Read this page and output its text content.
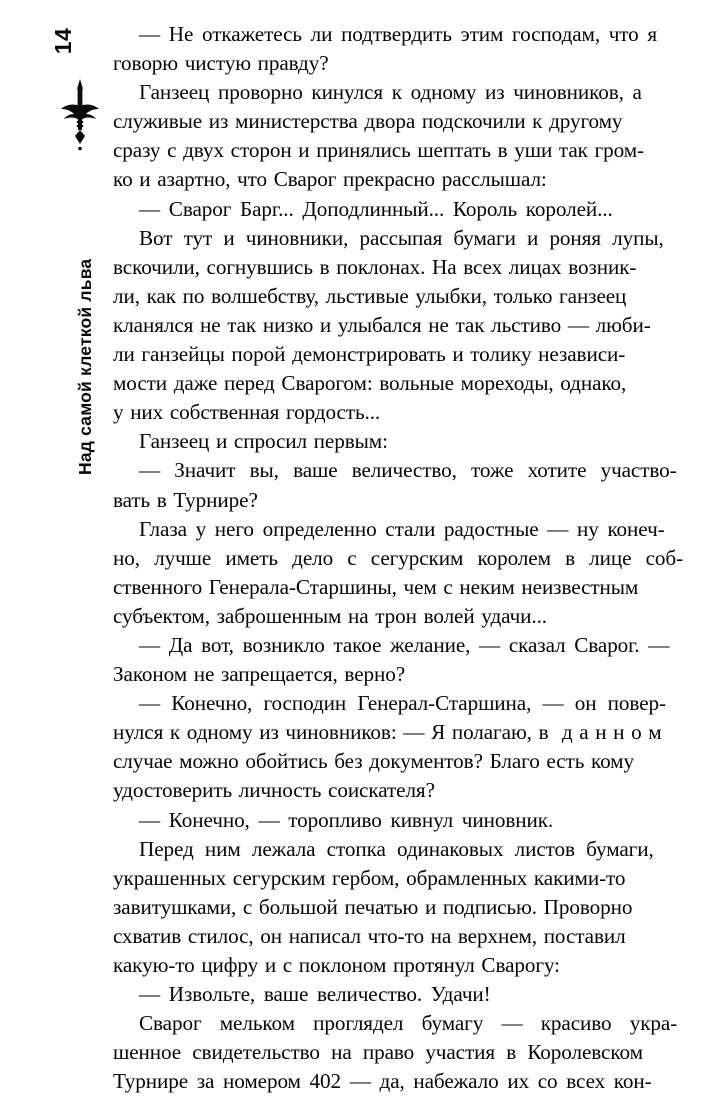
14
Над самой клеткой льва
— Не откажетесь ли подтвердить этим господам, что я
говорю чистую правду?
Ганзеец проворно кинулся к одному из чиновников, а
служивые из министерства двора подскочили к другому
сразу с двух сторон и принялись шептать в уши так гром-
ко и азартно, что Сварог прекрасно расслышал:
— Сварог Барг... Доподлинный... Король королей...
Вот тут и чиновники, рассыпая бумаги и роняя лупы,
вскочили, согнувшись в поклонах. На всех лицах возник-
ли, как по волшебству, льстивые улыбки, только ганзеец
кланялся не так низко и улыбался не так льстиво — люби-
ли ганзейцы порой демонстрировать и толику независи-
мости даже перед Сварогом: вольные мореходы, однако,
у них собственная гордость...
Ганзеец и спросил первым:
— Значит вы, ваше величество, тоже хотите участво-
вать в Турнире?
Глаза у него определенно стали радостные — ну конеч-
но, лучше иметь дело с сегурским королем в лице соб-
ственного Генерала-Старшины, чем с неким неизвестным
субъектом, заброшенным на трон волей удачи...
— Да вот, возникло такое желание, — сказал Сварог. —
Законом не запрещается, верно?
— Конечно, господин Генерал-Старшина, — он повер-
нулся к одному из чиновников: — Я полагаю, в  д а н н о м
случае можно обойтись без документов? Благо есть кому
удостоверить личность соискателя?
— Конечно, — торопливо кивнул чиновник.
Перед ним лежала стопка одинаковых листов бумаги,
украшенных сегурским гербом, обрамленных какими-то
завитушками, с большой печатью и подписью. Проворно
схватив стилос, он написал что-то на верхнем, поставил
какую-то цифру и с поклоном протянул Сварогу:
— Извольте, ваше величество. Удачи!
Сварог мельком проглядел бумагу — красиво укра-
шенное свидетельство на право участия в Королевском
Турнире за номером 402 — да, набежало их со всех кон-
